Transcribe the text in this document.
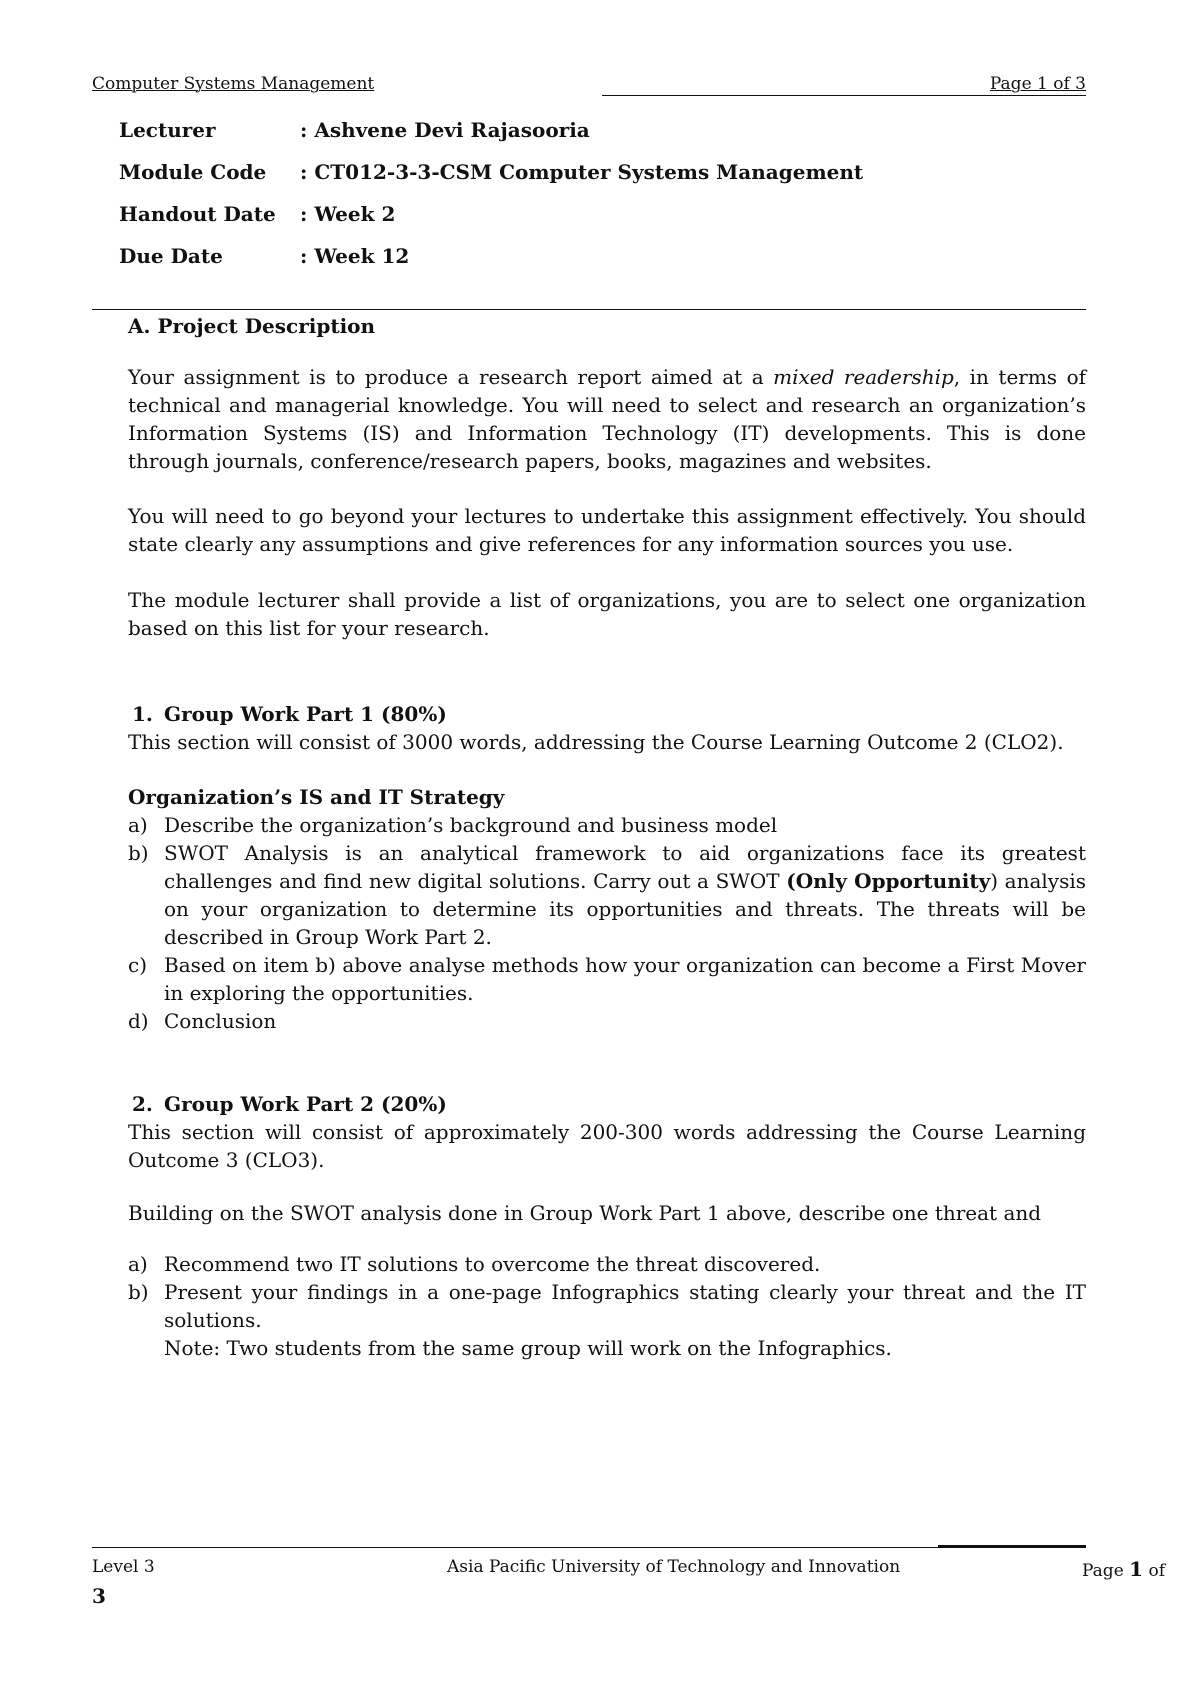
Computer Systems Management	Page 1 of 3
Lecturer	: Ashvene Devi Rajasooria
Module Code	: CT012-3-3-CSM Computer Systems Management
Handout Date	: Week 2
Due Date	: Week 12
A. Project Description
Your assignment is to produce a research report aimed at a mixed readership, in terms of technical and managerial knowledge. You will need to select and research an organization’s Information Systems (IS) and Information Technology (IT) developments. This is done through journals, conference/research papers, books, magazines and websites.
You will need to go beyond your lectures to undertake this assignment effectively. You should state clearly any assumptions and give references for any information sources you use.
The module lecturer shall provide a list of organizations, you are to select one organization based on this list for your research.
1. Group Work Part 1 (80%)
This section will consist of 3000 words, addressing the Course Learning Outcome 2 (CLO2).
Organization’s IS and IT Strategy
a) Describe the organization’s background and business model
b) SWOT Analysis is an analytical framework to aid organizations face its greatest challenges and find new digital solutions. Carry out a SWOT (Only Opportunity) analysis on your organization to determine its opportunities and threats. The threats will be described in Group Work Part 2.
c) Based on item b) above analyse methods how your organization can become a First Mover in exploring the opportunities.
d) Conclusion
2. Group Work Part 2 (20%)
This section will consist of approximately 200-300 words addressing the Course Learning Outcome 3 (CLO3).
Building on the SWOT analysis done in Group Work Part 1 above, describe one threat and
a) Recommend two IT solutions to overcome the threat discovered.
b) Present your findings in a one-page Infographics stating clearly your threat and the IT solutions.
Note: Two students from the same group will work on the Infographics.
Level 3	Asia Pacific University of Technology and Innovation	Page 1 of
3
